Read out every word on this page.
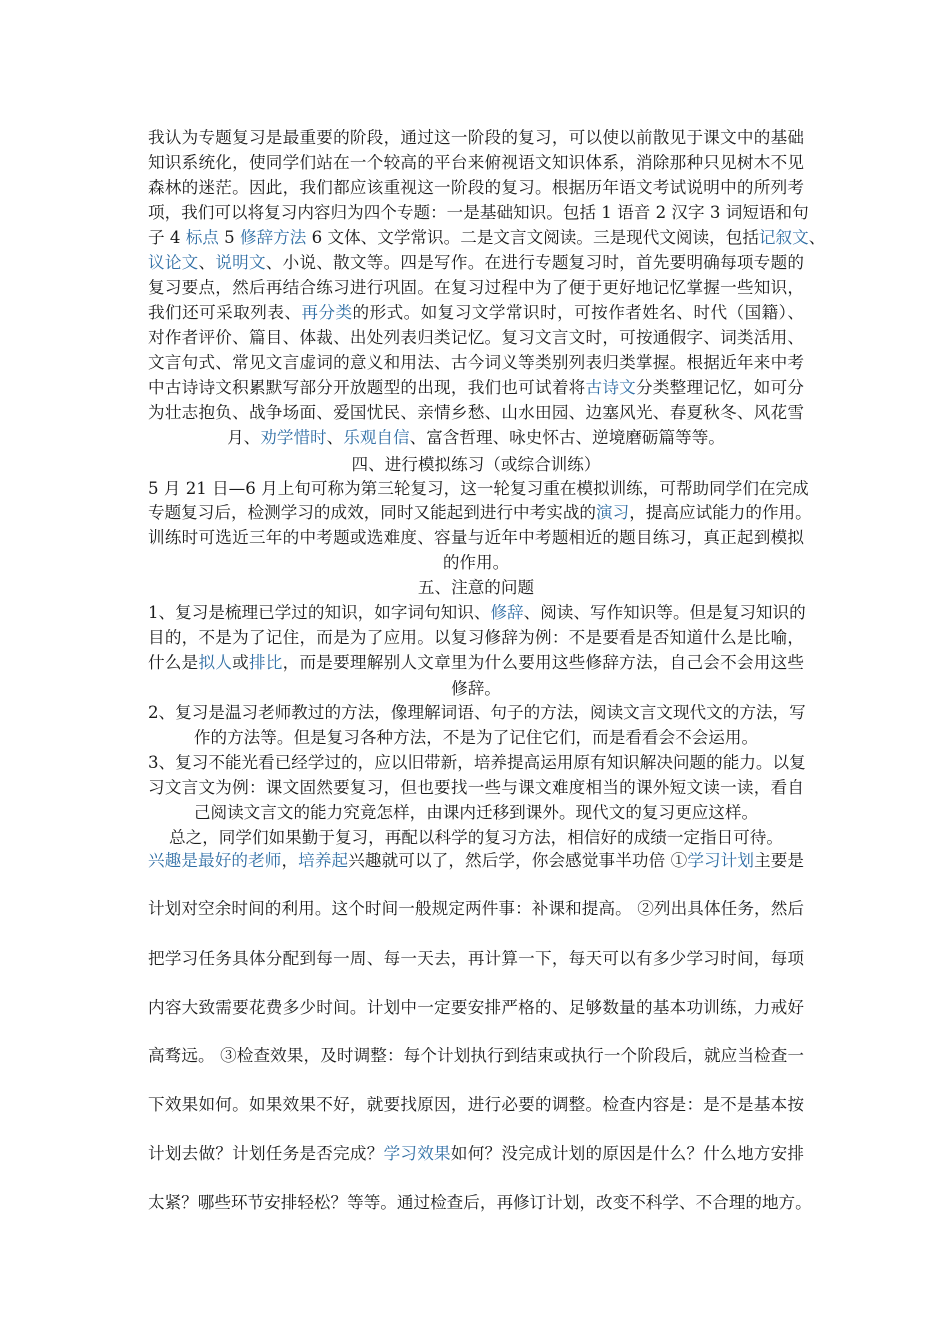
我认为专题复习是最重要的阶段，通过这一阶段的复习，可以使以前散见于课文中的基础
知识系统化，使同学们站在一个较高的平台来俯视语文知识体系，消除那种只见树木不见
森林的迷茫。因此，我们都应该重视这一阶段的复习。根据历年语文考试说明中的所列考
项，我们可以将复习内容归为四个专题：一是基础知识。包括 1 语音 2 汉字 3 词短语和句
子 4 标点 5 修辞方法 6 文体、文学常识。二是文言文阅读。三是现代文阅读，包括记叙文、
议论文、说明文、小说、散文等。四是写作。在进行专题复习时，首先要明确每项专题的
复习要点，然后再结合练习进行巩固。在复习过程中为了便于更好地记忆掌握一些知识，
我们还可采取列表、再分类的形式。如复习文学常识时，可按作者姓名、时代（国籍）、
对作者评价、篇目、体裁、出处列表归类记忆。复习文言文时，可按通假字、词类活用、
文言句式、常见文言虚词的意义和用法、古今词义等类别列表归类掌握。根据近年来中考
中古诗诗文积累默写部分开放题型的出现，我们也可试着将古诗文分类整理记忆，如可分
为壮志抱负、战争场面、爱国忧民、亲情乡愁、山水田园、边塞风光、春夏秋冬、风花雪
月、劝学惜时、乐观自信、富含哲理、咏史怀古、逆境磨砺篇等等。
四、进行模拟练习（或综合训练）
5 月 21 日—6 月上旬可称为第三轮复习，这一轮复习重在模拟训练，可帮助同学们在完成
专题复习后，检测学习的成效，同时又能起到进行中考实战的演习，提高应试能力的作用。
训练时可选近三年的中考题或选难度、容量与近年中考题相近的题目练习，真正起到模拟
的作用。
五、注意的问题
1、复习是梳理已学过的知识，如字词句知识、修辞、阅读、写作知识等。但是复习知识的
目的，不是为了记住，而是为了应用。以复习修辞为例：不是要看是否知道什么是比喻，
什么是拟人或排比，而是要理解别人文章里为什么要用这些修辞方法，自己会不会用这些
修辞。
2、复习是温习老师教过的方法，像理解词语、句子的方法，阅读文言文现代文的方法，写
作的方法等。但是复习各种方法，不是为了记住它们，而是看看会不会运用。
3、复习不能光看已经学过的，应以旧带新，培养提高运用原有知识解决问题的能力。以复
习文言文为例：课文固然要复习，但也要找一些与课文难度相当的课外短文读一读，看自
己阅读文言文的能力究竟怎样，由课内迁移到课外。现代文的复习更应这样。
总之，同学们如果勤于复习，再配以科学的复习方法，相信好的成绩一定指日可待。
兴趣是最好的老师，培养起兴趣就可以了，然后学，你会感觉事半功倍 ①学习计划主要是
计划对空余时间的利用。这个时间一般规定两件事：补课和提高。 ②列出具体任务，然后
把学习任务具体分配到每一周、每一天去，再计算一下，每天可以有多少学习时间，每项
内容大致需要花费多少时间。计划中一定要安排严格的、足够数量的基本功训练，力戒好
高骛远。 ③检查效果，及时调整：每个计划执行到结束或执行一个阶段后，就应当检查一
下效果如何。如果效果不好，就要找原因，进行必要的调整。检查内容是：是不是基本按
计划去做？计划任务是否完成？学习效果如何？没完成计划的原因是什么？什么地方安排
太紧？哪些环节安排轻松？等等。通过检查后，再修订计划，改变不科学、不合理的地方。
